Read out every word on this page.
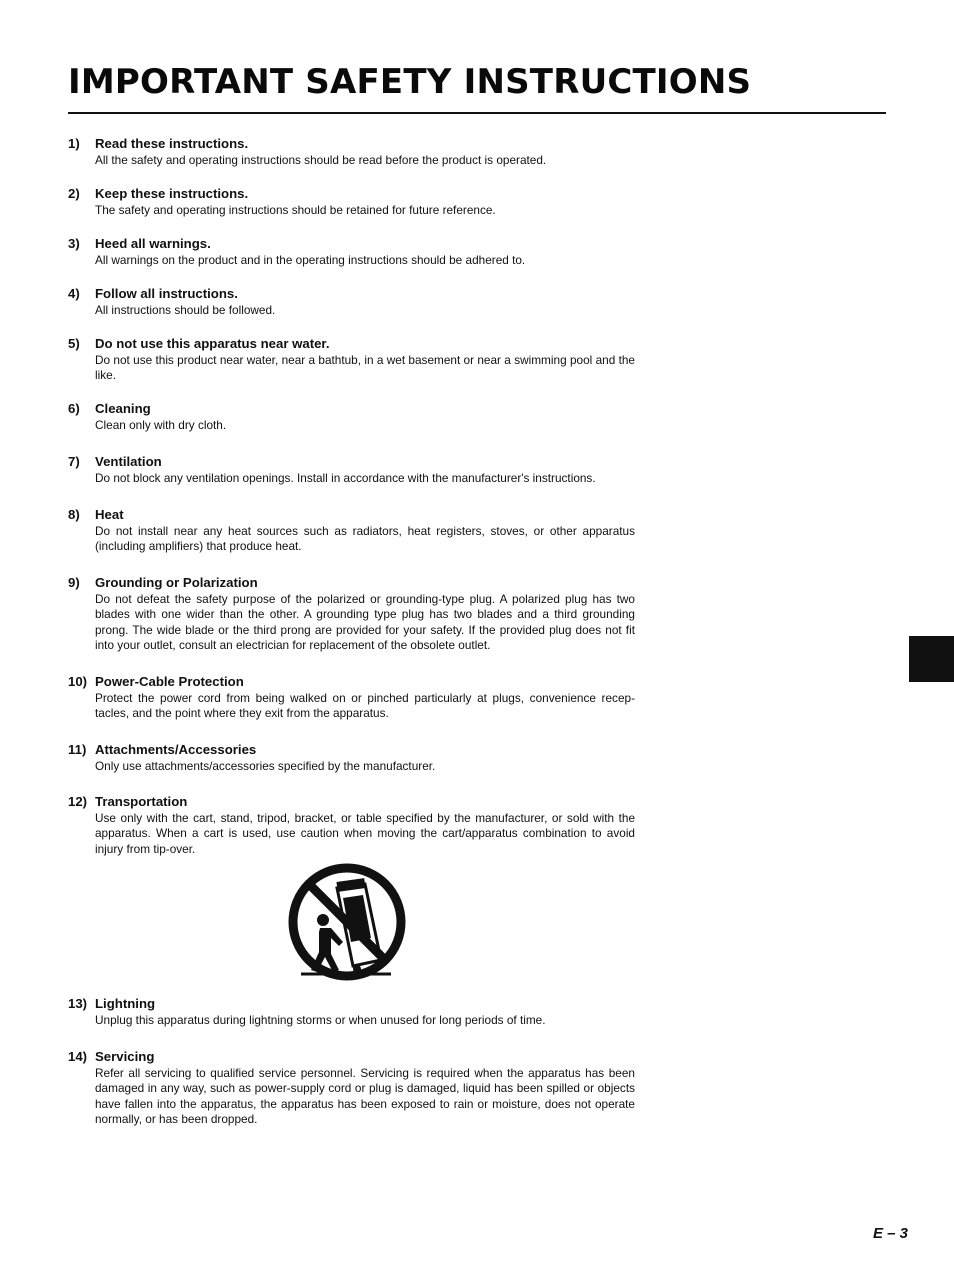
IMPORTANT SAFETY INSTRUCTIONS
1) Read these instructions.
All the safety and operating instructions should be read before the product is operated.
2) Keep these instructions.
The safety and operating instructions should be retained for future reference.
3) Heed all warnings.
All warnings on the product and in the operating instructions should be adhered to.
4) Follow all instructions.
All instructions should be followed.
5) Do not use this apparatus near water.
Do not use this product near water, near a bathtub, in a wet basement or near a swimming pool and the like.
6) Cleaning
Clean only with dry cloth.
7) Ventilation
Do not block any ventilation openings. Install in accordance with the manufacturer's instructions.
8) Heat
Do not install near any heat sources such as radiators, heat registers, stoves, or other apparatus (including amplifiers) that produce heat.
9) Grounding or Polarization
Do not defeat the safety purpose of the polarized or grounding-type plug. A polarized plug has two blades with one wider than the other. A grounding type plug has two blades and a third grounding prong. The wide blade or the third prong are provided for your safety. If the provided plug does not fit into your outlet, consult an electrician for replacement of the obsolete outlet.
10) Power-Cable Protection
Protect the power cord from being walked on or pinched particularly at plugs, convenience recep-tacles, and the point where they exit from the apparatus.
11) Attachments/Accessories
Only use attachments/accessories specified by the manufacturer.
12) Transportation
Use only with the cart, stand, tripod, bracket, or table specified by the manufacturer, or sold with the apparatus. When a cart is used, use caution when moving the cart/apparatus combination to avoid injury from tip-over.
13) Lightning
Unplug this apparatus during lightning storms or when unused for long periods of time.
14) Servicing
Refer all servicing to qualified service personnel. Servicing is required when the apparatus has been damaged in any way, such as power-supply cord or plug is damaged, liquid has been spilled or objects have fallen into the apparatus, the apparatus has been exposed to rain or moisture, does not operate normally, or has been dropped.
E – 3
